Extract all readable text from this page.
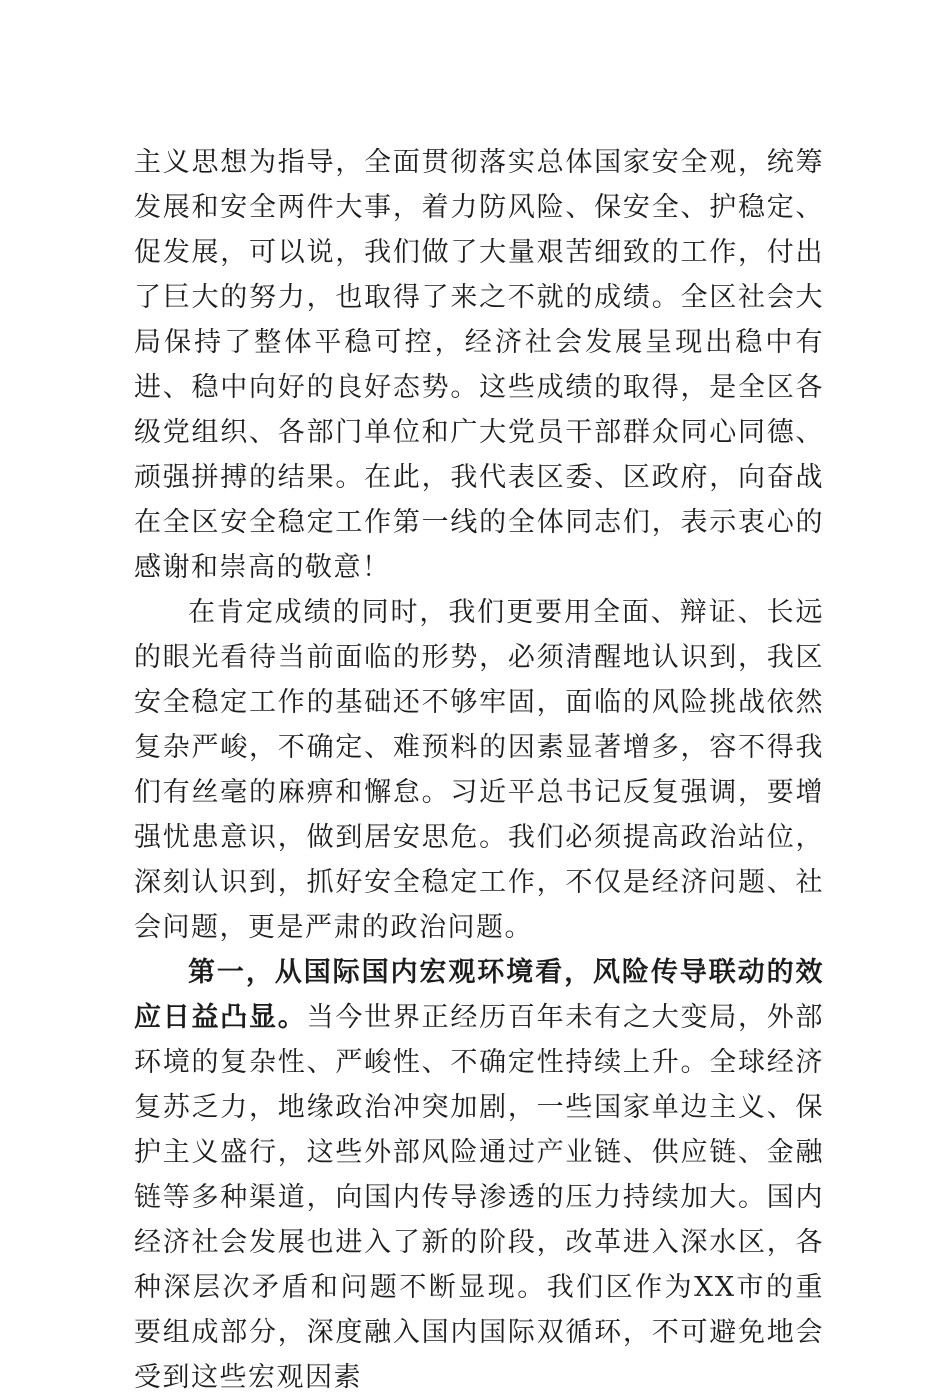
主义思想为指导，全面贯彻落实总体国家安全观，统筹发展和安全两件大事，着力防风险、保安全、护稳定、促发展，可以说，我们做了大量艰苦细致的工作，付出了巨大的努力，也取得了来之不就的成绩。全区社会大局保持了整体平稳可控，经济社会发展呈现出稳中有进、稳中向好的良好态势。这些成绩的取得，是全区各级党组织、各部门单位和广大党员干部群众同心同德、顽强拼搏的结果。在此，我代表区委、区政府，向奋战在全区安全稳定工作第一线的全体同志们，表示衷心的感谢和崇高的敬意！

在肯定成绩的同时，我们更要用全面、辩证、长远的眼光看待当前面临的形势，必须清醒地认识到，我区安全稳定工作的基础还不够牢固，面临的风险挑战依然复杂严峻，不确定、难预料的因素显著增多，容不得我们有丝毫的麻痹和懈怠。习近平总书记反复强调，要增强忧患意识，做到居安思危。我们必须提高政治站位，深刻认识到，抓好安全稳定工作，不仅是经济问题、社会问题，更是严肃的政治问题。

第一，从国际国内宏观环境看，风险传导联动的效应日益凸显。当今世界正经历百年未有之大变局，外部环境的复杂性、严峻性、不确定性持续上升。全球经济复苏乏力，地缘政治冲突加剧，一些国家单边主义、保护主义盛行，这些外部风险通过产业链、供应链、金融链等多种渠道，向国内传导渗透的压力持续加大。国内经济社会发展也进入了新的阶段，改革进入深水区，各种深层次矛盾和问题不断显现。我们区作为XX市的重要组成部分，深度融入国内国际双循环，不可避免地会受到这些宏观因素
